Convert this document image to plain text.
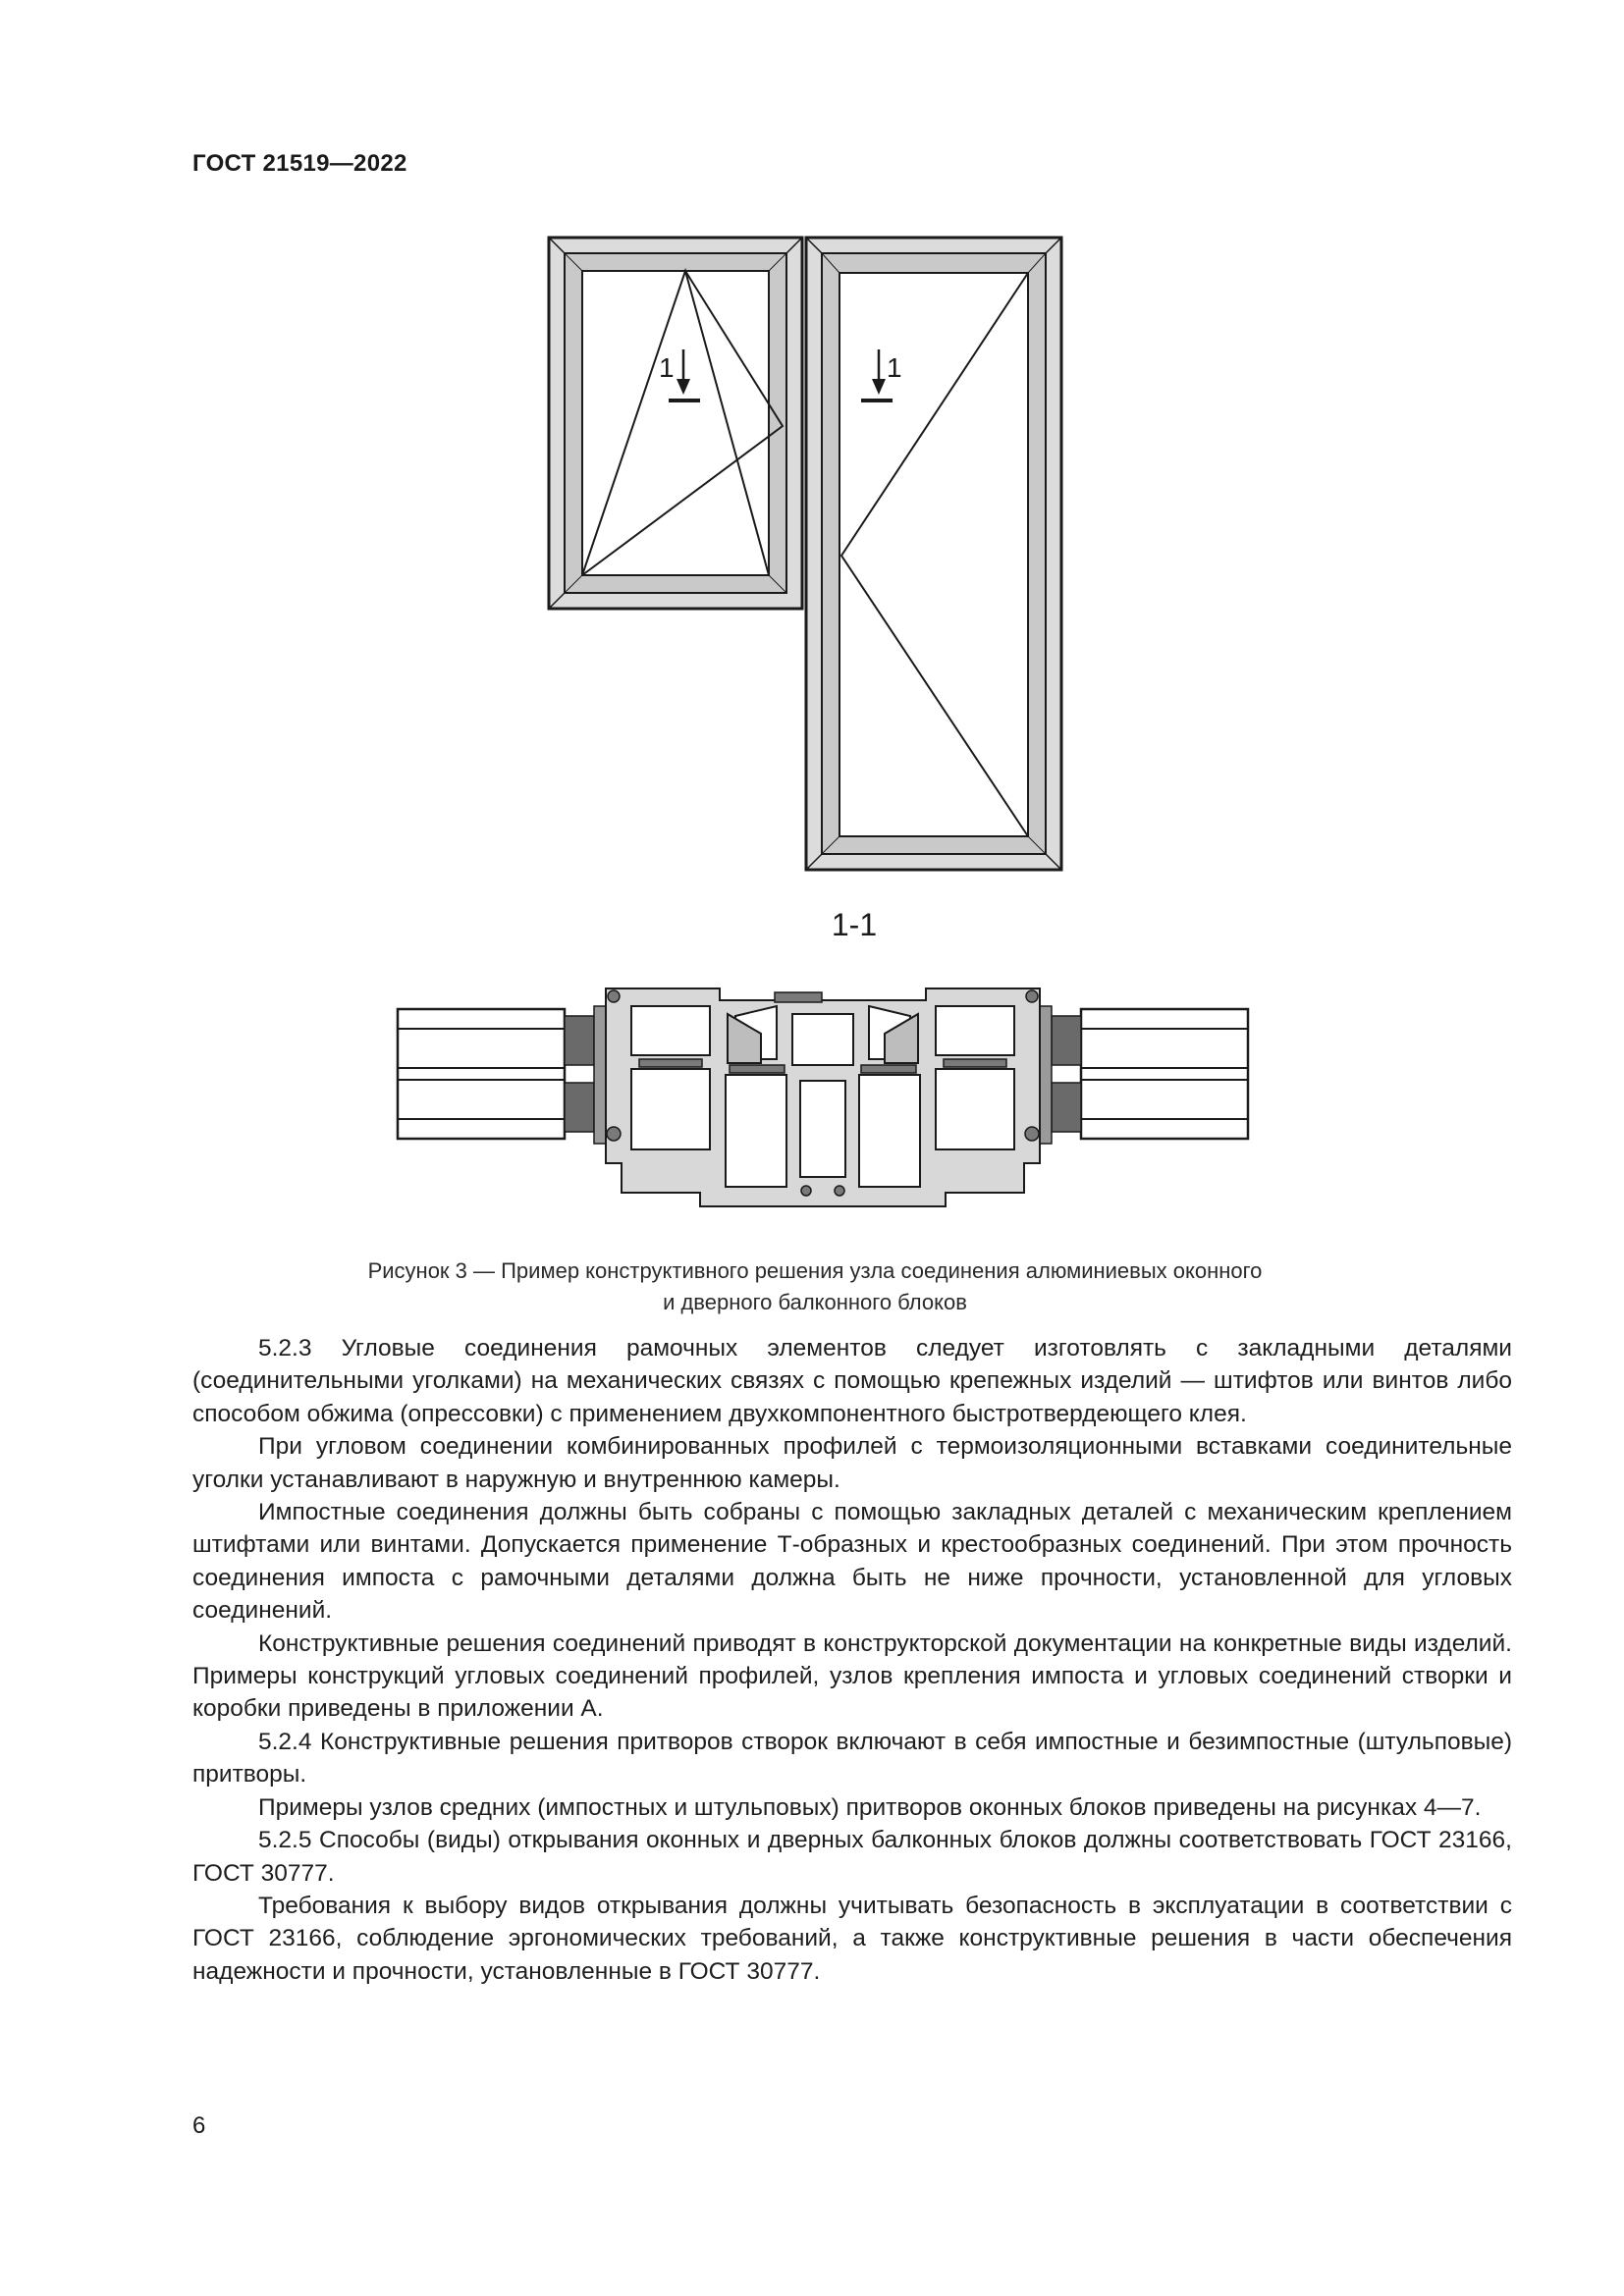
ГОСТ 21519—2022
1	1
1-1
Рисунок 3 — Пример конструктивного решения узла соединения алюминиевых оконного
и дверного балконного блоков

5.2.3 Угловые соединения рамочных элементов следует изготовлять с закладными деталями (соединительными уголками) на механических связях с помощью крепежных изделий — штифтов или винтов либо способом обжима (опрессовки) с применением двухкомпонентного быстротвердеющего клея.

При угловом соединении комбинированных профилей с термоизоляционными вставками соединительные уголки устанавливают в наружную и внутреннюю камеры.

Импостные соединения должны быть собраны с помощью закладных деталей с механическим креплением штифтами или винтами. Допускается применение Т-образных и крестообразных соединений. При этом прочность соединения импоста с рамочными деталями должна быть не ниже прочности, установленной для угловых соединений.

Конструктивные решения соединений приводят в конструкторской документации на конкретные виды изделий. Примеры конструкций угловых соединений профилей, узлов крепления импоста и угловых соединений створки и коробки приведены в приложении А.

5.2.4 Конструктивные решения притворов створок включают в себя импостные и безимпостные (штульповые) притворы.

Примеры узлов средних (импостных и штульповых) притворов оконных блоков приведены на рисунках 4—7.

5.2.5 Способы (виды) открывания оконных и дверных балконных блоков должны соответствовать ГОСТ 23166, ГОСТ 30777.

Требования к выбору видов открывания должны учитывать безопасность в эксплуатации в соответствии с ГОСТ 23166, соблюдение эргономических требований, а также конструктивные решения в части обеспечения надежности и прочности, установленные в ГОСТ 30777.

6
